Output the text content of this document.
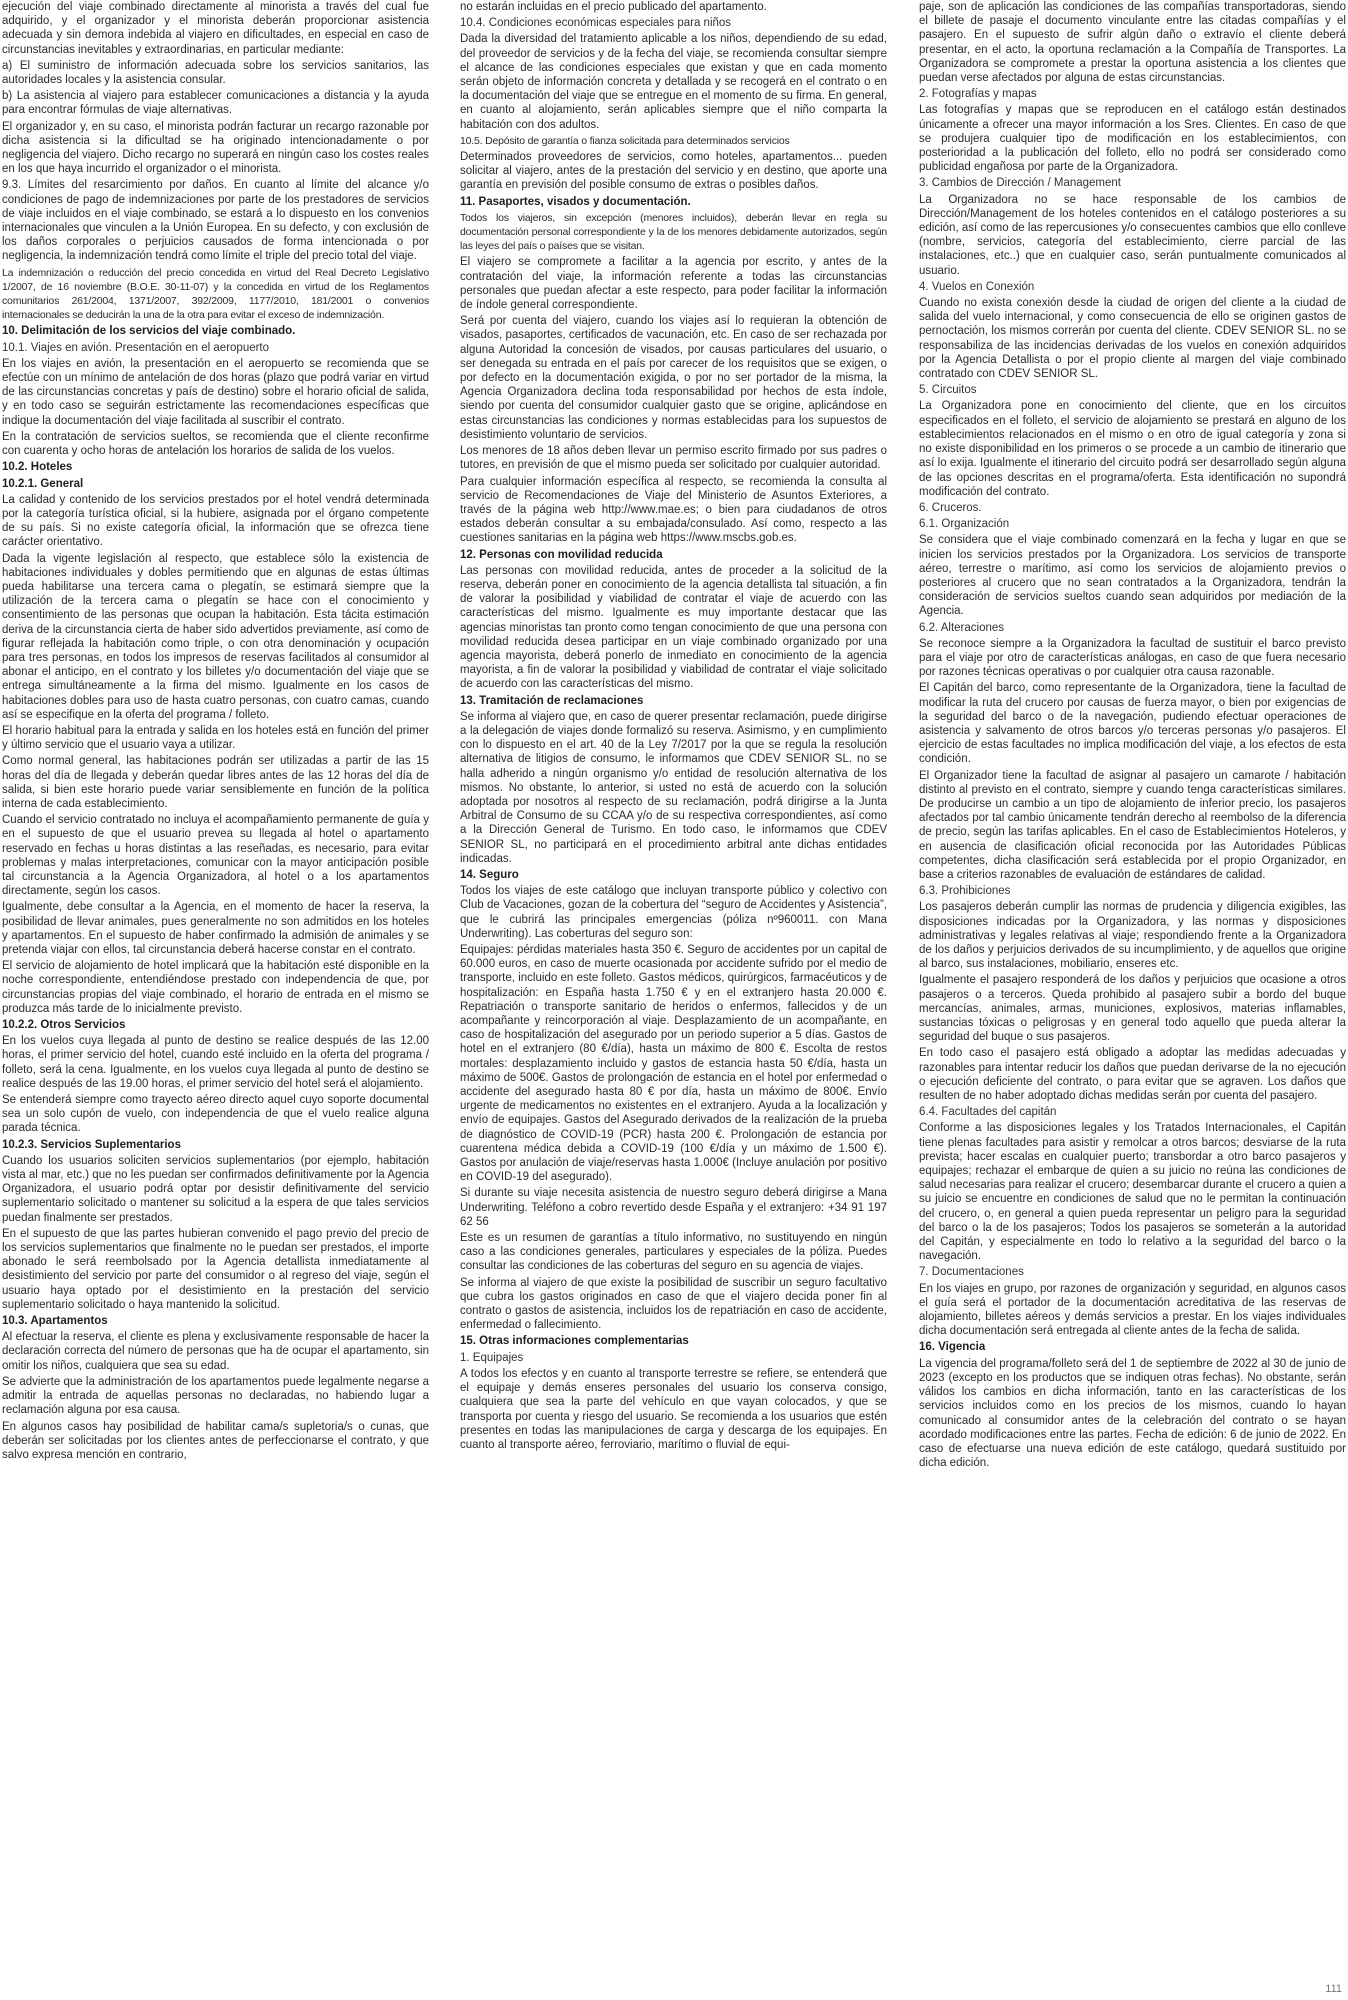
ejecución del viaje combinado directamente al minorista a través del cual fue adquirido, y el organizador y el minorista deberán proporcionar asistencia adecuada y sin demora indebida al viajero en dificultades, en especial en caso de circunstancias inevitables y extraordinarias, en particular mediante:

a) El suministro de información adecuada sobre los servicios sanitarios, las autoridades locales y la asistencia consular.

b) La asistencia al viajero para establecer comunicaciones a distancia y la ayuda para encontrar fórmulas de viaje alternativas.

El organizador y, en su caso, el minorista podrán facturar un recargo razonable por dicha asistencia si la dificultad se ha originado intencionadamente o por negligencia del viajero. Dicho recargo no superará en ningún caso los costes reales en los que haya incurrido el organizador o el minorista.

9.3. Límites del resarcimiento por daños. En cuanto al límite del alcance y/o condiciones de pago de indemnizaciones por parte de los prestadores de servicios de viaje incluidos en el viaje combinado, se estará a lo dispuesto en los convenios internacionales que vinculen a la Unión Europea. En su defecto, y con exclusión de los daños corporales o perjuicios causados de forma intencionada o por negligencia, la indemnización tendrá como límite el triple del precio total del viaje.

La indemnización o reducción del precio concedida en virtud del Real Decreto Legislativo 1/2007, de 16 noviembre (B.O.E. 30-11-07) y la concedida en virtud de los Reglamentos comunitarios 261/2004, 1371/2007, 392/2009, 1177/2010, 181/2001 o convenios internacionales se deducirán la una de la otra para evitar el exceso de indemnización.

10. Delimitación de los servicios del viaje combinado.

10.1. Viajes en avión. Presentación en el aeropuerto

En los viajes en avión, la presentación en el aeropuerto se recomienda que se efectúe con un mínimo de antelación de dos horas (plazo que podrá variar en virtud de las circunstancias concretas y país de destino) sobre el horario oficial de salida, y en todo caso se seguirán estrictamente las recomendaciones específicas que indique la documentación del viaje facilitada al suscribir el contrato.

En la contratación de servicios sueltos, se recomienda que el cliente reconfirme con cuarenta y ocho horas de antelación los horarios de salida de los vuelos.

10.2. Hoteles

10.2.1. General

La calidad y contenido de los servicios prestados por el hotel vendrá determinada por la categoría turística oficial, si la hubiere, asignada por el órgano competente de su país. Si no existe categoría oficial, la información que se ofrezca tiene carácter orientativo.

Dada la vigente legislación al respecto, que establece sólo la existencia de habitaciones individuales y dobles permitiendo que en algunas de estas últimas pueda habilitarse una tercera cama o plegatín, se estimará siempre que la utilización de la tercera cama o plegatín se hace con el conocimiento y consentimiento de las personas que ocupan la habitación. Esta tácita estimación deriva de la circunstancia cierta de haber sido advertidos previamente, así como de figurar reflejada la habitación como triple, o con otra denominación y ocupación para tres personas, en todos los impresos de reservas facilitados al consumidor al abonar el anticipo, en el contrato y los billetes y/o documentación del viaje que se entrega simultáneamente a la firma del mismo. Igualmente en los casos de habitaciones dobles para uso de hasta cuatro personas, con cuatro camas, cuando así se especifique en la oferta del programa / folleto.

El horario habitual para la entrada y salida en los hoteles está en función del primer y último servicio que el usuario vaya a utilizar.

Como normal general, las habitaciones podrán ser utilizadas a partir de las 15 horas del día de llegada y deberán quedar libres antes de las 12 horas del día de salida, si bien este horario puede variar sensiblemente en función de la política interna de cada establecimiento.

Cuando el servicio contratado no incluya el acompañamiento permanente de guía y en el supuesto de que el usuario prevea su llegada al hotel o apartamento reservado en fechas u horas distintas a las reseñadas, es necesario, para evitar problemas y malas interpretaciones, comunicar con la mayor anticipación posible tal circunstancia a la Agencia Organizadora, al hotel o a los apartamentos directamente, según los casos.

Igualmente, debe consultar a la Agencia, en el momento de hacer la reserva, la posibilidad de llevar animales, pues generalmente no son admitidos en los hoteles y apartamentos. En el supuesto de haber confirmado la admisión de animales y se pretenda viajar con ellos, tal circunstancia deberá hacerse constar en el contrato.

El servicio de alojamiento de hotel implicará que la habitación esté disponible en la noche correspondiente, entendiéndose prestado con independencia de que, por circunstancias propias del viaje combinado, el horario de entrada en el mismo se produzca más tarde de lo inicialmente previsto.

10.2.2. Otros Servicios

En los vuelos cuya llegada al punto de destino se realice después de las 12.00 horas, el primer servicio del hotel, cuando esté incluido en la oferta del programa / folleto, será la cena. Igualmente, en los vuelos cuya llegada al punto de destino se realice después de las 19.00 horas, el primer servicio del hotel será el alojamiento.

Se entenderá siempre como trayecto aéreo directo aquel cuyo soporte documental sea un solo cupón de vuelo, con independencia de que el vuelo realice alguna parada técnica.

10.2.3. Servicios Suplementarios

Cuando los usuarios soliciten servicios suplementarios (por ejemplo, habitación vista al mar, etc.) que no les puedan ser confirmados definitivamente por la Agencia Organizadora, el usuario podrá optar por desistir definitivamente del servicio suplementario solicitado o mantener su solicitud a la espera de que tales servicios puedan finalmente ser prestados.

En el supuesto de que las partes hubieran convenido el pago previo del precio de los servicios suplementarios que finalmente no le puedan ser prestados, el importe abonado le será reembolsado por la Agencia detallista inmediatamente al desistimiento del servicio por parte del consumidor o al regreso del viaje, según el usuario haya optado por el desistimiento en la prestación del servicio suplementario solicitado o haya mantenido la solicitud.

10.3. Apartamentos

Al efectuar la reserva, el cliente es plena y exclusivamente responsable de hacer la declaración correcta del número de personas que ha de ocupar el apartamento, sin omitir los niños, cualquiera que sea su edad.

Se advierte que la administración de los apartamentos puede legalmente negarse a admitir la entrada de aquellas personas no declaradas, no habiendo lugar a reclamación alguna por esa causa.

En algunos casos hay posibilidad de habilitar cama/s supletoria/s o cunas, que deberán ser solicitadas por los clientes antes de perfeccionarse el contrato, y que salvo expresa mención en contrario,

no estarán incluidas en el precio publicado del apartamento.

10.4. Condiciones económicas especiales para niños

Dada la diversidad del tratamiento aplicable a los niños, dependiendo de su edad, del proveedor de servicios y de la fecha del viaje, se recomienda consultar siempre el alcance de las condiciones especiales que existan y que en cada momento serán objeto de información concreta y detallada y se recogerá en el contrato o en la documentación del viaje que se entregue en el momento de su firma. En general, en cuanto al alojamiento, serán aplicables siempre que el niño comparta la habitación con dos adultos.

10.5. Depósito de garantía o fianza solicitada para determinados servicios

Determinados proveedores de servicios, como hoteles, apartamentos... pueden solicitar al viajero, antes de la prestación del servicio y en destino, que aporte una garantía en previsión del posible consumo de extras o posibles daños.

11. Pasaportes, visados y documentación.

Todos los viajeros, sin excepción (menores incluidos), deberán llevar en regla su documentación personal correspondiente y la de los menores debidamente autorizados, según las leyes del país o países que se visitan.

El viajero se compromete a facilitar a la agencia por escrito, y antes de la contratación del viaje, la información referente a todas las circunstancias personales que puedan afectar a este respecto, para poder facilitar la información de índole general correspondiente.

Será por cuenta del viajero, cuando los viajes así lo requieran la obtención de visados, pasaportes, certificados de vacunación, etc. En caso de ser rechazada por alguna Autoridad la concesión de visados, por causas particulares del usuario, o ser denegada su entrada en el país por carecer de los requisitos que se exigen, o por defecto en la documentación exigida, o por no ser portador de la misma, la Agencia Organizadora declina toda responsabilidad por hechos de esta índole, siendo por cuenta del consumidor cualquier gasto que se origine, aplicándose en estas circunstancias las condiciones y normas establecidas para los supuestos de desistimiento voluntario de servicios.

Los menores de 18 años deben llevar un permiso escrito firmado por sus padres o tutores, en previsión de que el mismo pueda ser solicitado por cualquier autoridad.

Para cualquier información específica al respecto, se recomienda la consulta al servicio de Recomendaciones de Viaje del Ministerio de Asuntos Exteriores, a través de la página web http://www.mae.es; o bien para ciudadanos de otros estados deberán consultar a su embajada/consulado. Así como, respecto a las cuestiones sanitarias en la página web https://www.mscbs.gob.es.

12. Personas con movilidad reducida

Las personas con movilidad reducida, antes de proceder a la solicitud de la reserva, deberán poner en conocimiento de la agencia detallista tal situación, a fin de valorar la posibilidad y viabilidad de contratar el viaje de acuerdo con las características del mismo. Igualmente es muy importante destacar que las agencias minoristas tan pronto como tengan conocimiento de que una persona con movilidad reducida desea participar en un viaje combinado organizado por una agencia mayorista, deberá ponerlo de inmediato en conocimiento de la agencia mayorista, a fin de valorar la posibilidad y viabilidad de contratar el viaje solicitado de acuerdo con las características del mismo.

13. Tramitación de reclamaciones

Se informa al viajero que, en caso de querer presentar reclamación, puede dirigirse a la delegación de viajes donde formalizó su reserva. Asimismo, y en cumplimiento con lo dispuesto en el art. 40 de la Ley 7/2017 por la que se regula la resolución alternativa de litigios de consumo, le informamos que CDEV SENIOR SL. no se halla adherido a ningún organismo y/o entidad de resolución alternativa de los mismos. No obstante, lo anterior, si usted no está de acuerdo con la solución adoptada por nosotros al respecto de su reclamación, podrá dirigirse a la Junta Arbitral de Consumo de su CCAA y/o de su respectiva correspondientes, así como a la Dirección General de Turismo. En todo caso, le informamos que CDEV SENIOR SL, no participará en el procedimiento arbitral ante dichas entidades indicadas.

14. Seguro

Todos los viajes de este catálogo que incluyan transporte público y colectivo con Club de Vacaciones, gozan de la cobertura del “seguro de Accidentes y Asistencia”, que le cubrirá las principales emergencias (póliza nº960011. con Mana Underwriting). Las coberturas del seguro son:

Equipajes: pérdidas materiales hasta 350 €. Seguro de accidentes por un capital de 60.000 euros, en caso de muerte ocasionada por accidente sufrido por el medio de transporte, incluido en este folleto. Gastos médicos, quirúrgicos, farmacéuticos y de hospitalización: en España hasta 1.750 € y en el extranjero hasta 20.000 €. Repatriación o transporte sanitario de heridos o enfermos, fallecidos y de un acompañante y reincorporación al viaje. Desplazamiento de un acompañante, en caso de hospitalización del asegurado por un periodo superior a 5 días. Gastos de hotel en el extranjero (80 €/día), hasta un máximo de 800 €. Escolta de restos mortales: desplazamiento incluido y gastos de estancia hasta 50 €/día, hasta un máximo de 500€. Gastos de prolongación de estancia en el hotel por enfermedad o accidente del asegurado hasta 80 € por día, hasta un máximo de 800€. Envío urgente de medicamentos no existentes en el extranjero. Ayuda a la localización y envío de equipajes. Gastos del Asegurado derivados de la realización de la prueba de diagnóstico de COVID-19 (PCR) hasta 200 €. Prolongación de estancia por cuarentena médica debida a COVID-19 (100 €/día y un máximo de 1.500 €). Gastos por anulación de viaje/reservas hasta 1.000€ (Incluye anulación por positivo en COVID-19 del asegurado).

Si durante su viaje necesita asistencia de nuestro seguro deberá dirigirse a Mana Underwriting. Teléfono a cobro revertido desde España y el extranjero: +34 91 197 62 56

Este es un resumen de garantías a título informativo, no sustituyendo en ningún caso a las condiciones generales, particulares y especiales de la póliza. Puedes consultar las condiciones de las coberturas del seguro en su agencia de viajes.

Se informa al viajero de que existe la posibilidad de suscribir un seguro facultativo que cubra los gastos originados en caso de que el viajero decida poner fin al contrato o gastos de asistencia, incluidos los de repatriación en caso de accidente, enfermedad o fallecimiento.

15. Otras informaciones complementarias

1. Equipajes

A todos los efectos y en cuanto al transporte terrestre se refiere, se entenderá que el equipaje y demás enseres personales del usuario los conserva consigo, cualquiera que sea la parte del vehículo en que vayan colocados, y que se transporta por cuenta y riesgo del usuario. Se recomienda a los usuarios que estén presentes en todas las manipulaciones de carga y descarga de los equipajes. En cuanto al transporte aéreo, ferroviario, marítimo o fluvial de equi-

paje, son de aplicación las condiciones de las compañías transportadoras, siendo el billete de pasaje el documento vinculante entre las citadas compañías y el pasajero. En el supuesto de sufrir algún daño o extravío el cliente deberá presentar, en el acto, la oportuna reclamación a la Compañía de Transportes. La Organizadora se compromete a prestar la oportuna asistencia a los clientes que puedan verse afectados por alguna de estas circunstancias.

2. Fotografías y mapas

Las fotografías y mapas que se reproducen en el catálogo están destinados únicamente a ofrecer una mayor información a los Sres. Clientes. En caso de que se produjera cualquier tipo de modificación en los establecimientos, con posterioridad a la publicación del folleto, ello no podrá ser considerado como publicidad engañosa por parte de la Organizadora.

3. Cambios de Dirección / Management

La Organizadora no se hace responsable de los cambios de Dirección/Management de los hoteles contenidos en el catálogo posteriores a su edición, así como de las repercusiones y/o consecuentes cambios que ello conlleve (nombre, servicios, categoría del establecimiento, cierre parcial de las instalaciones, etc..) que en cualquier caso, serán puntualmente comunicados al usuario.

4. Vuelos en Conexión

Cuando no exista conexión desde la ciudad de origen del cliente a la ciudad de salida del vuelo internacional, y como consecuencia de ello se originen gastos de pernoctación, los mismos correrán por cuenta del cliente. CDEV SENIOR SL. no se responsabiliza de las incidencias derivadas de los vuelos en conexión adquiridos por la Agencia Detallista o por el propio cliente al margen del viaje combinado contratado con CDEV SENIOR SL.

5. Circuitos

La Organizadora pone en conocimiento del cliente, que en los circuitos especificados en el folleto, el servicio de alojamiento se prestará en alguno de los establecimientos relacionados en el mismo o en otro de igual categoría y zona si no existe disponibilidad en los primeros o se procede a un cambio de itinerario que así lo exija. Igualmente el itinerario del circuito podrá ser desarrollado según alguna de las opciones descritas en el programa/oferta. Esta identificación no supondrá modificación del contrato.

6. Cruceros.

6.1. Organización

Se considera que el viaje combinado comenzará en la fecha y lugar en que se inicien los servicios prestados por la Organizadora. Los servicios de transporte aéreo, terrestre o marítimo, así como los servicios de alojamiento previos o posteriores al crucero que no sean contratados a la Organizadora, tendrán la consideración de servicios sueltos cuando sean adquiridos por mediación de la Agencia.

6.2. Alteraciones

Se reconoce siempre a la Organizadora la facultad de sustituir el barco previsto para el viaje por otro de características análogas, en caso de que fuera necesario por razones técnicas operativas o por cualquier otra causa razonable.

El Capitán del barco, como representante de la Organizadora, tiene la facultad de modificar la ruta del crucero por causas de fuerza mayor, o bien por exigencias de la seguridad del barco o de la navegación, pudiendo efectuar operaciones de asistencia y salvamento de otros barcos y/o terceras personas y/o pasajeros. El ejercicio de estas facultades no implica modificación del viaje, a los efectos de esta condición.

El Organizador tiene la facultad de asignar al pasajero un camarote / habitación distinto al previsto en el contrato, siempre y cuando tenga características similares. De producirse un cambio a un tipo de alojamiento de inferior precio, los pasajeros afectados por tal cambio únicamente tendrán derecho al reembolso de la diferencia de precio, según las tarifas aplicables. En el caso de Establecimientos Hoteleros, y en ausencia de clasificación oficial reconocida por las Autoridades Públicas competentes, dicha clasificación será establecida por el propio Organizador, en base a criterios razonables de evaluación de estándares de calidad.

6.3. Prohibiciones

Los pasajeros deberán cumplir las normas de prudencia y diligencia exigibles, las disposiciones indicadas por la Organizadora, y las normas y disposiciones administrativas y legales relativas al viaje; respondiendo frente a la Organizadora de los daños y perjuicios derivados de su incumplimiento, y de aquellos que origine al barco, sus instalaciones, mobiliario, enseres etc.

Igualmente el pasajero responderá de los daños y perjuicios que ocasione a otros pasajeros o a terceros. Queda prohibido al pasajero subir a bordo del buque mercancías, animales, armas, municiones, explosivos, materias inflamables, sustancias tóxicas o peligrosas y en general todo aquello que pueda alterar la seguridad del buque o sus pasajeros.

En todo caso el pasajero está obligado a adoptar las medidas adecuadas y razonables para intentar reducir los daños que puedan derivarse de la no ejecución o ejecución deficiente del contrato, o para evitar que se agraven. Los daños que resulten de no haber adoptado dichas medidas serán por cuenta del pasajero.

6.4. Facultades del capitán

Conforme a las disposiciones legales y los Tratados Internacionales, el Capitán tiene plenas facultades para asistir y remolcar a otros barcos; desviarse de la ruta prevista; hacer escalas en cualquier puerto; transbordar a otro barco pasajeros y equipajes; rechazar el embarque de quien a su juicio no reúna las condiciones de salud necesarias para realizar el crucero; desembarcar durante el crucero a quien a su juicio se encuentre en condiciones de salud que no le permitan la continuación del crucero, o, en general a quien pueda representar un peligro para la seguridad del barco o la de los pasajeros; Todos los pasajeros se someterán a la autoridad del Capitán, y especialmente en todo lo relativo a la seguridad del barco o la navegación.

7. Documentaciones

En los viajes en grupo, por razones de organización y seguridad, en algunos casos el guía será el portador de la documentación acreditativa de las reservas de alojamiento, billetes aéreos y demás servicios a prestar. En los viajes individuales dicha documentación será entregada al cliente antes de la fecha de salida.

16. Vigencia

La vigencia del programa/folleto será del 1 de septiembre de 2022 al 30 de junio de 2023 (excepto en los productos que se indiquen otras fechas). No obstante, serán válidos los cambios en dicha información, tanto en las características de los servicios incluidos como en los precios de los mismos, cuando lo hayan comunicado al consumidor antes de la celebración del contrato o se hayan acordado modificaciones entre las partes. Fecha de edición: 6 de junio de 2022. En caso de efectuarse una nueva edición de este catálogo, quedará sustituido por dicha edición.

111
